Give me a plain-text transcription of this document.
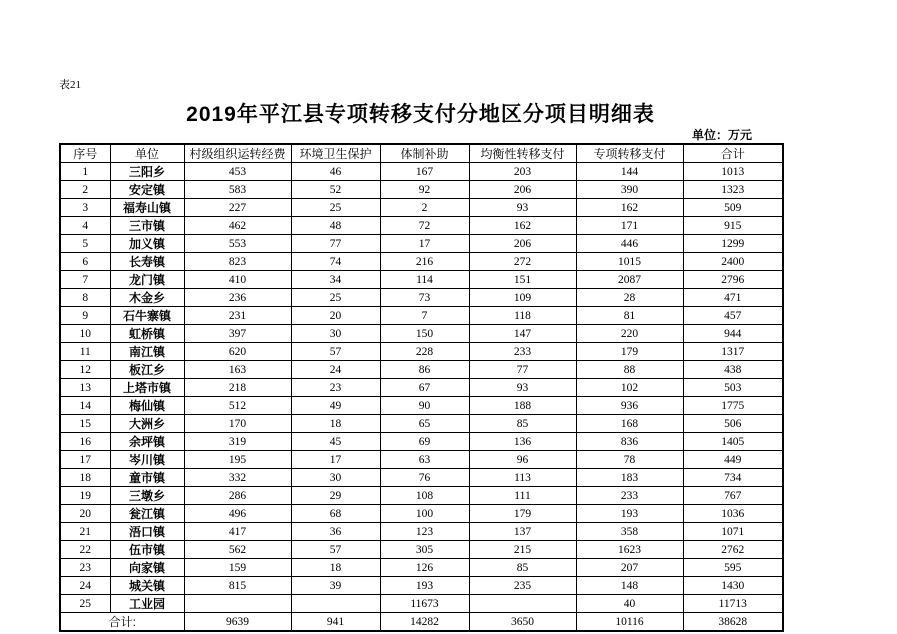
表21
2019年平江县专项转移支付分地区分项目明细表
单位：万元
序号	单位	村级组织运转经费	环境卫生保护	体制补助	均衡性转移支付	专项转移支付	合计
1	三阳乡	453	46	167	203	144	1013
2	安定镇	583	52	92	206	390	1323
3	福寿山镇	227	25	2	93	162	509
4	三市镇	462	48	72	162	171	915
5	加义镇	553	77	17	206	446	1299
6	长寿镇	823	74	216	272	1015	2400
7	龙门镇	410	34	114	151	2087	2796
8	木金乡	236	25	73	109	28	471
9	石牛寨镇	231	20	7	118	81	457
10	虹桥镇	397	30	150	147	220	944
11	南江镇	620	57	228	233	179	1317
12	板江乡	163	24	86	77	88	438
13	上塔市镇	218	23	67	93	102	503
14	梅仙镇	512	49	90	188	936	1775
15	大洲乡	170	18	65	85	168	506
16	余坪镇	319	45	69	136	836	1405
17	岑川镇	195	17	63	96	78	449
18	童市镇	332	30	76	113	183	734
19	三墩乡	286	29	108	111	233	767
20	瓮江镇	496	68	100	179	193	1036
21	浯口镇	417	36	123	137	358	1071
22	伍市镇	562	57	305	215	1623	2762
23	向家镇	159	18	126	85	207	595
24	城关镇	815	39	193	235	148	1430
25	工业园			11673		40	11713
合计:		9639	941	14282	3650	10116	38628
